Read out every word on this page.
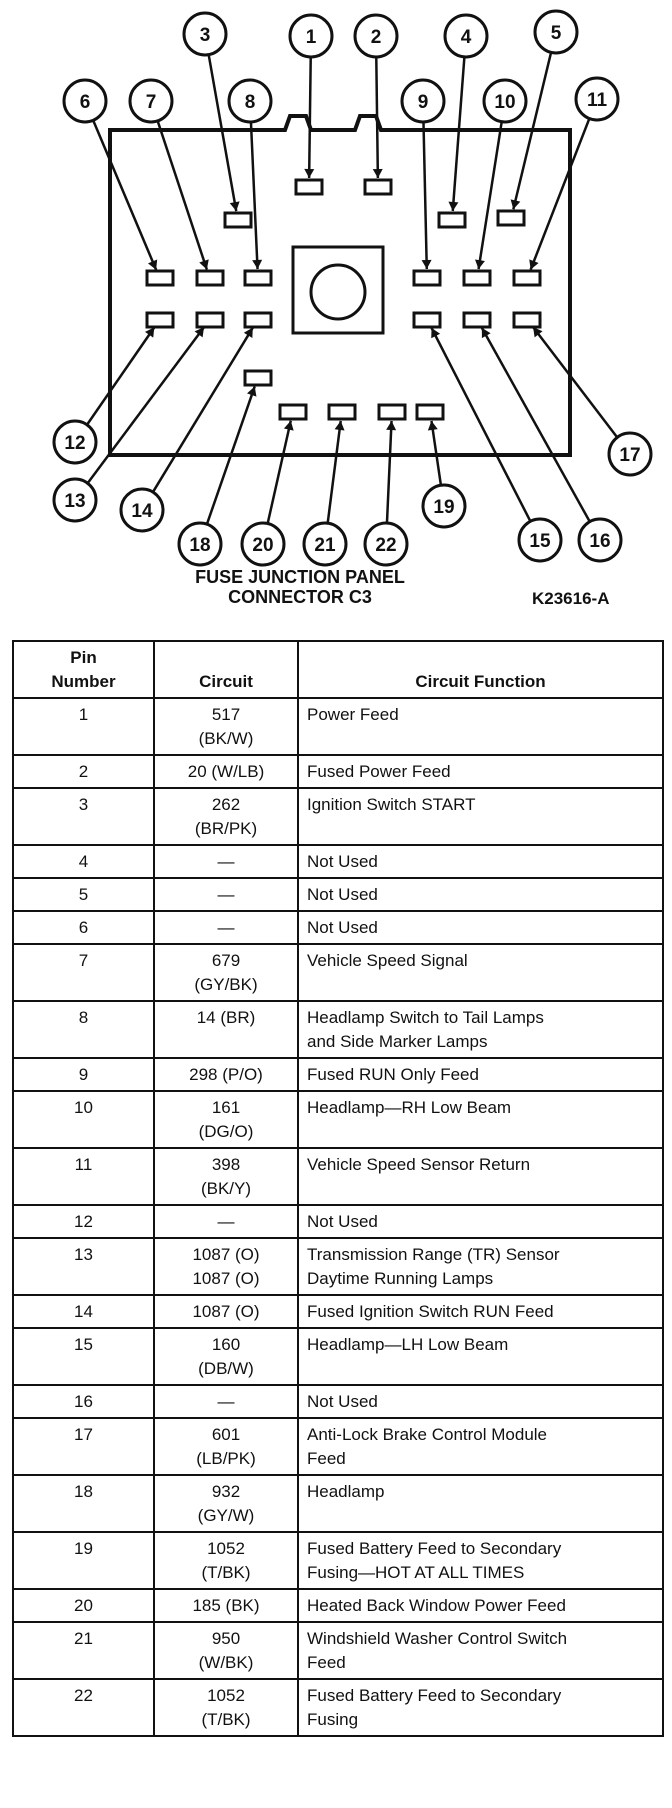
1	2
3	4	5
6	7	8	9	10	11
12
13 14
15 16
17
18
19
20 21 22
FUSE JUNCTION PANEL
CONNECTOR C3	K23616-A
Pin
Number	Circuit	Circuit Function
1	517
(BK/W)	Power Feed

2	20 (W/LB)	Fused Power Feed

3	262
(BR/PK)	Ignition Switch START

4	—	Not Used

5	—	Not Used

6	—	Not Used

7	679
(GY/BK)	Vehicle Speed Signal

8	14 (BR)	Headlamp Switch to Tail Lamps
and Side Marker Lamps

9	298 (P/O)	Fused RUN Only Feed

10	161
(DG/O)	Headlamp—RH Low Beam

11	398
(BK/Y)	Vehicle Speed Sensor Return

12	—	Not Used

13	1087 (O)
1087 (O)	Transmission Range (TR) Sensor
Daytime Running Lamps

14	1087 (O)	Fused Ignition Switch RUN Feed

15	160
(DB/W)	Headlamp—LH Low Beam

16	—	Not Used

17	601
(LB/PK)	Anti-Lock Brake Control Module
Feed

18	932
(GY/W)	Headlamp

19	1052
(T/BK)	Fused Battery Feed to Secondary
Fusing—HOT AT ALL TIMES

20	185 (BK)	Heated Back Window Power Feed

21	950
(W/BK)	Windshield Washer Control Switch
Feed

22	1052
(T/BK)	Fused Battery Feed to Secondary
Fusing
